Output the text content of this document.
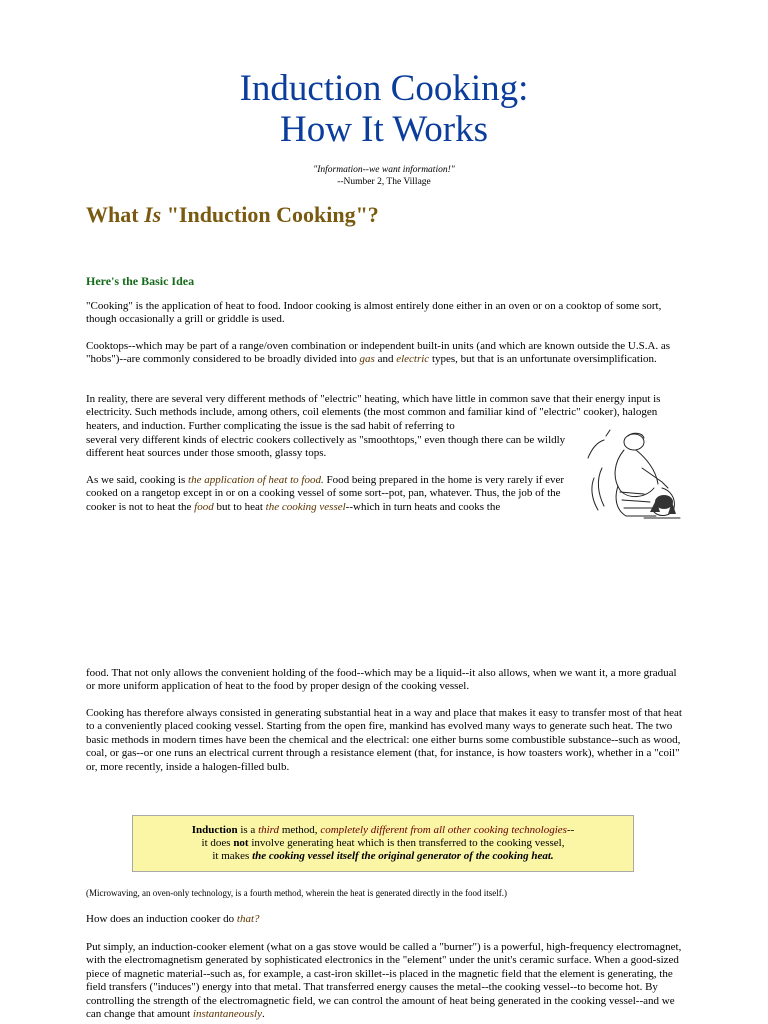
Induction Cooking:
How It Works
"Information--we want information!"
--Number 2, The Village
What Is "Induction Cooking"?
Here's the Basic Idea

"Cooking" is the application of heat to food. Indoor cooking is almost entirely done either in an oven or on a cooktop of some sort, though occasionally a grill or griddle is used.

Cooktops--which may be part of a range/oven combination or independent built-in units (and which are known outside the U.S.A. as "hobs")--are commonly considered to be broadly divided into gas and electric types, but that is an unfortunate oversimplification.

In reality, there are several very different methods of "electric" heating, which have little in common save that their energy input is electricity. Such methods include, among others, coil elements (the most common and familiar kind of "electric" cooker), halogen heaters, and induction. Further complicating the issue is the sad habit of referring to

several very different kinds of electric cookers collectively as "smoothtops," even though there can be wildly different heat sources under those smooth, glassy tops.

As we said, cooking is the application of heat to food. Food being prepared in the home is very rarely if ever cooked on a rangetop except in or on a cooking vessel of some sort--pot, pan, whatever. Thus, the job of the cooker is not to heat the food but to heat the cooking vessel--which in turn heats and cooks the

food. That not only allows the convenient holding of the food--which may be a liquid--it also allows, when we want it, a more gradual or more uniform application of heat to the food by proper design of the cooking vessel.

Cooking has therefore always consisted in generating substantial heat in a way and place that makes it easy to transfer most of that heat to a conveniently placed cooking vessel. Starting from the open fire, mankind has evolved many ways to generate such heat. The two basic methods in modern times have been the chemical and the electrical: one either burns some combustible substance--such as wood, coal, or gas--or one runs an electrical current through a resistance element (that, for instance, is how toasters work), whether in a "coil" or, more recently, inside a halogen-filled bulb.

Induction is a third method, completely different from all other cooking technologies--
it does not involve generating heat which is then transferred to the cooking vessel,
it makes the cooking vessel itself the original generator of the cooking heat.

(Microwaving, an oven-only technology, is a fourth method, wherein the heat is generated directly in the food itself.)

How does an induction cooker do that?

Put simply, an induction-cooker element (what on a gas stove would be called a "burner") is a powerful, high-frequency electromagnet, with the electromagnetism generated by sophisticated electronics in the "element" under the unit's ceramic surface. When a good-sized piece of magnetic material--such as, for example, a cast-iron skillet--is placed in the magnetic field that the element is generating, the field transfers ("induces") energy into that metal. That transferred energy causes the metal--the cooking vessel--to become hot. By controlling the strength of the electromagnetic field, we can control the amount of heat being generated in the cooking vessel--and we can change that amount instantaneously.
